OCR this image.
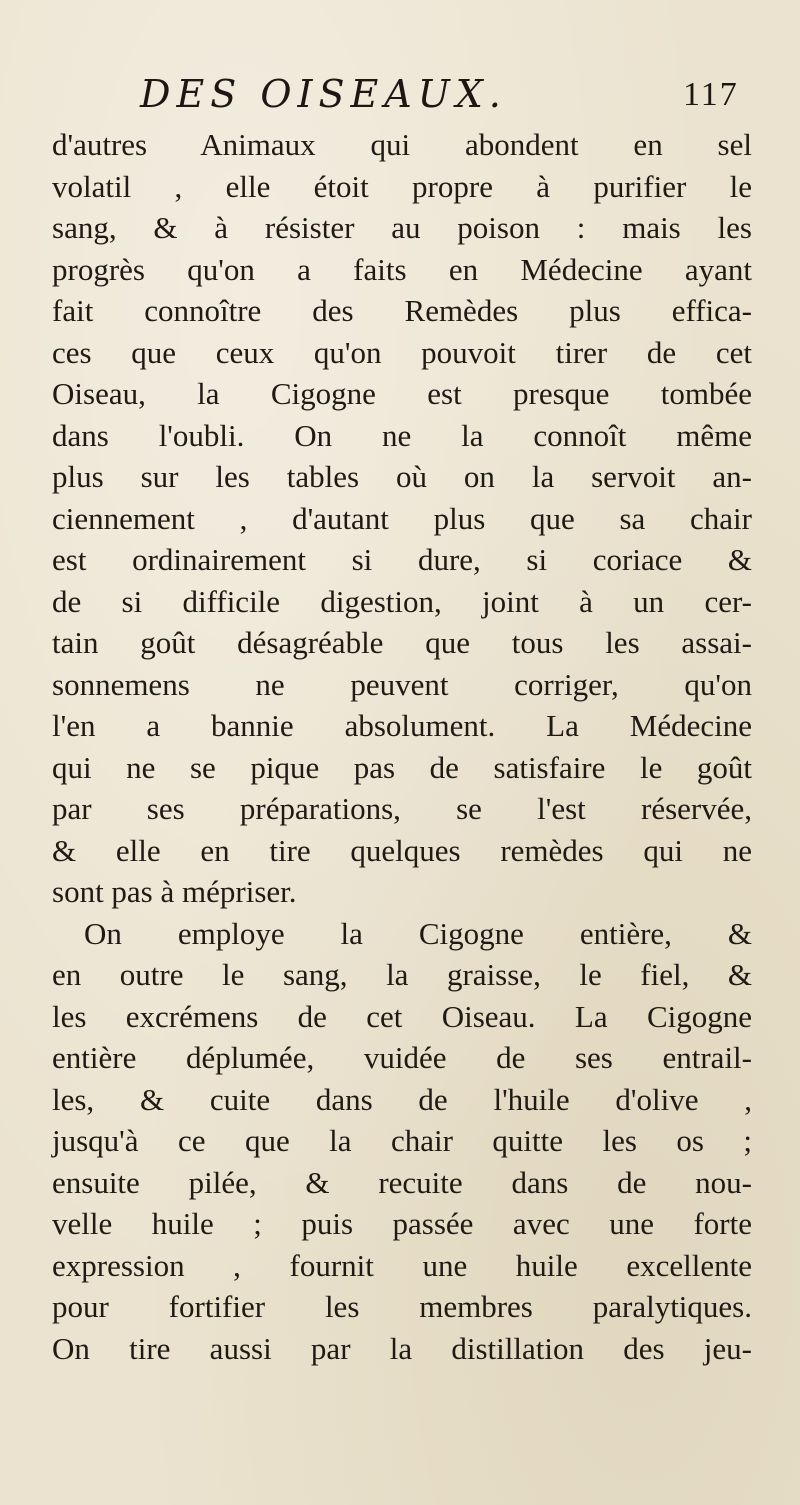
DES OISEAUX.	117
d'autres Animaux qui abondent en sel
volatil , elle étoit propre à purifier le
sang, & à résister au poison : mais les
progrès qu'on a faits en Médecine ayant
fait connoître des Remèdes plus effica-
ces que ceux qu'on pouvoit tirer de cet
Oiseau, la Cigogne est presque tombée
dans l'oubli. On ne la connoît même
plus sur les tables où on la servoit an-
ciennement , d'autant plus que sa chair
est ordinairement si dure, si coriace &
de si difficile digestion, joint à un cer-
tain goût désagréable que tous les assai-
sonnemens ne peuvent corriger, qu'on
l'en a bannie absolument. La Médecine
qui ne se pique pas de satisfaire le goût
par ses préparations, se l'est réservée,
& elle en tire quelques remèdes qui ne
sont pas à mépriser.
On employe la Cigogne entière, &
en outre le sang, la graisse, le fiel, &
les excrémens de cet Oiseau. La Cigogne
entière déplumée, vuidée de ses entrail-
les, & cuite dans de l'huile d'olive ,
jusqu'à ce que la chair quitte les os ;
ensuite pilée, & recuite dans de nou-
velle huile ; puis passée avec une forte
expression , fournit une huile excellente
pour fortifier les membres paralytiques.
On tire aussi par la distillation des jeu-
